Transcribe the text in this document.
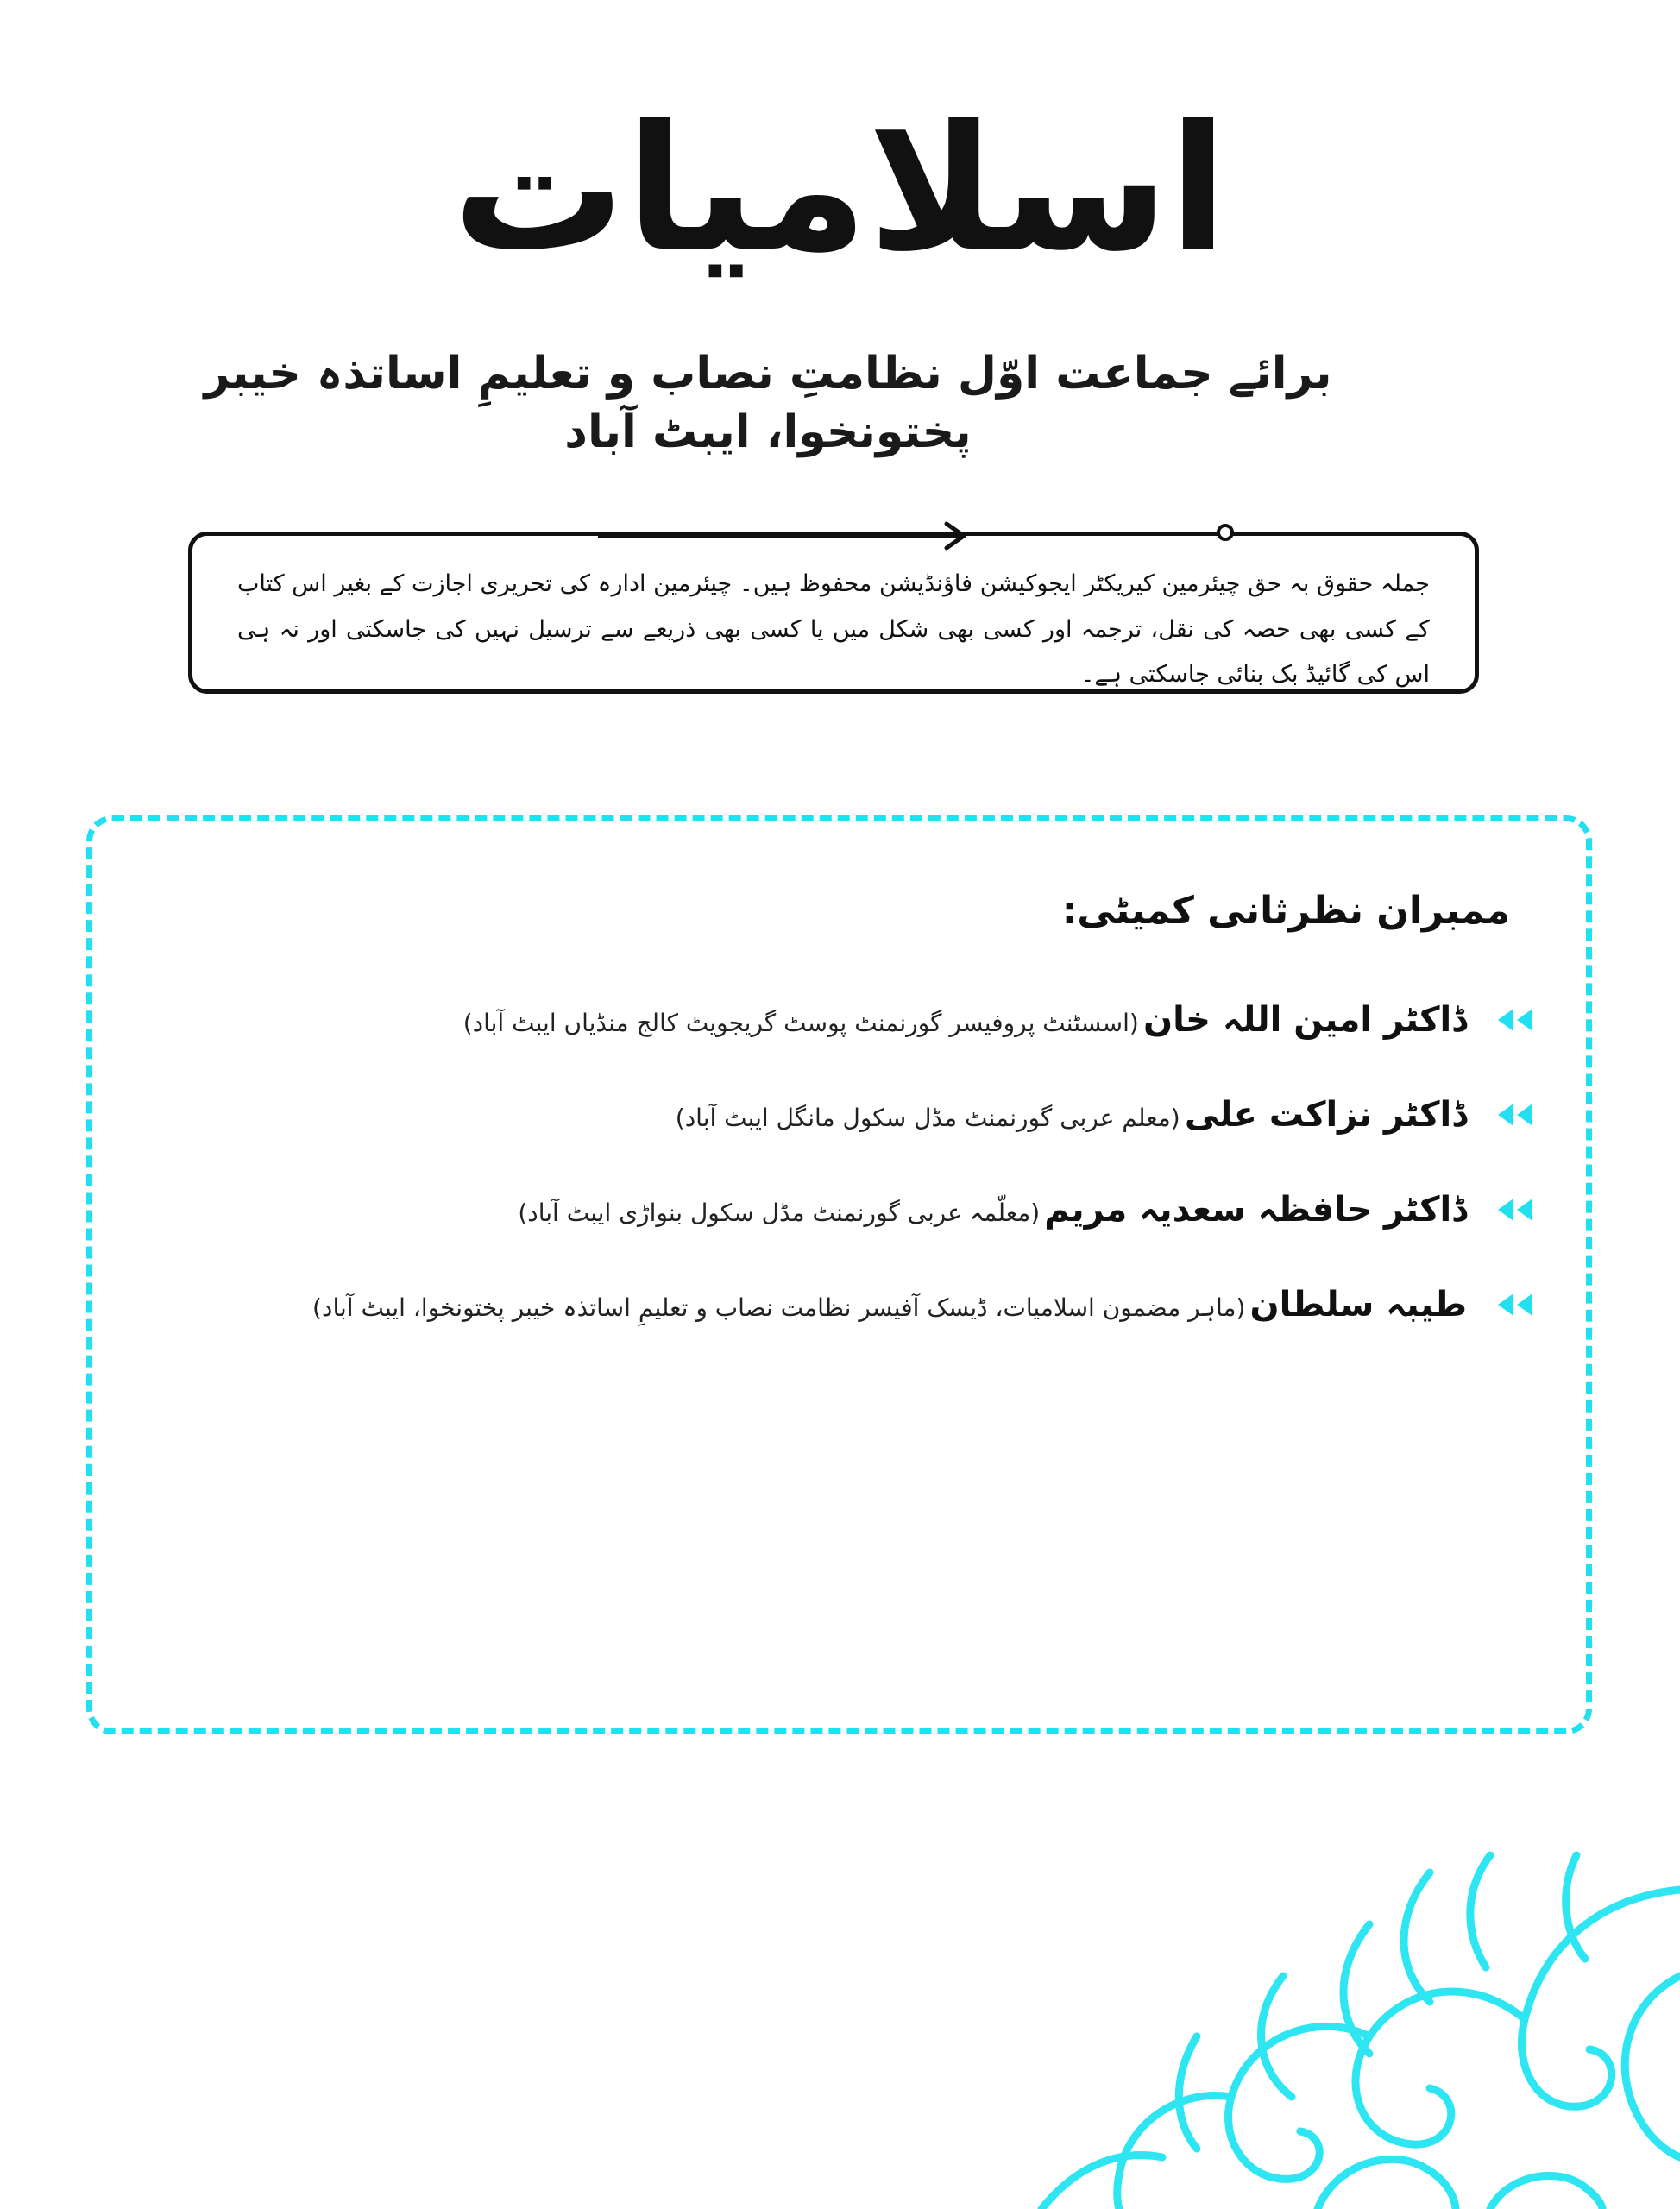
اسلامیات
برائے جماعت اوّل نظامتِ نصاب و تعلیمِ اساتذہ خیبر پختونخوا، ایبٹ آباد
جملہ حقوق بہ حق چیئرمین کیریکٹر ایجوکیشن فاؤنڈیشن محفوظ ہیں۔ چیئرمین ادارہ کی تحریری اجازت کے بغیر اس کتاب کے کسی بھی حصہ کی نقل، ترجمہ اور کسی بھی شکل میں یا کسی بھی ذریعے سے ترسیل نہیں کی جاسکتی اور نہ ہی اس کی گائیڈ بک بنائی جاسکتی ہے۔
ممبران نظرثانی کمیٹی:
ڈاکٹر امین اللہ خان (اسسٹنٹ پروفیسر گورنمنٹ پوسٹ گریجویٹ کالج منڈیاں ایبٹ آباد)
ڈاکٹر نزاکت علی (معلم عربی گورنمنٹ مڈل سکول مانگل ایبٹ آباد)
ڈاکٹر حافظہ سعدیہ مریم (معلّمہ عربی گورنمنٹ مڈل سکول بنواڑی ایبٹ آباد)
طیبہ سلطان (ماہر مضمون اسلامیات، ڈیسک آفیسر نظامت نصاب و تعلیمِ اساتذہ خیبر پختونخوا، ایبٹ آباد)
